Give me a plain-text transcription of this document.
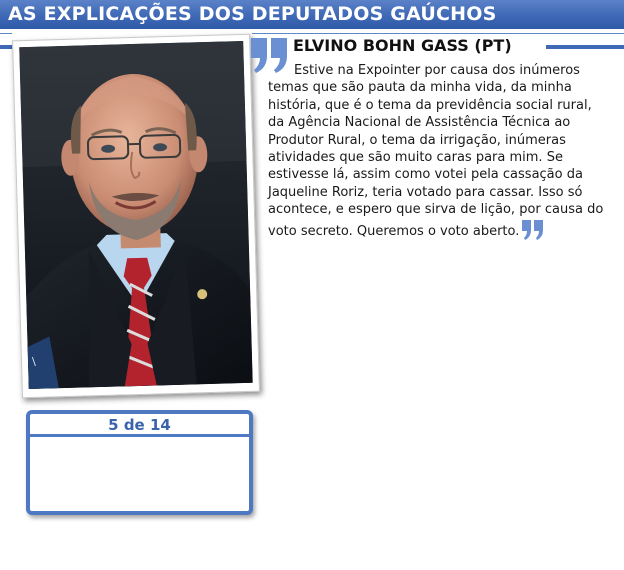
AS EXPLICAÇÕES DOS DEPUTADOS GAÚCHOS
\
ELVINO BOHN GASS (PT)
Estive na Expointer por causa dos inúmeros temas que são pauta da minha vida, da minha história, que é o tema da previdência social rural, da Agência Nacional de Assistência Técnica ao Produtor Rural, o tema da irrigação, inúmeras atividades que são muito caras para mim. Se estivesse lá, assim como votei pela cassação da Jaqueline Roriz, teria votado para cassar. Isso só acontece, e espero que sirva de lição, por causa do voto secreto. Queremos o voto aberto.
5 de 14
